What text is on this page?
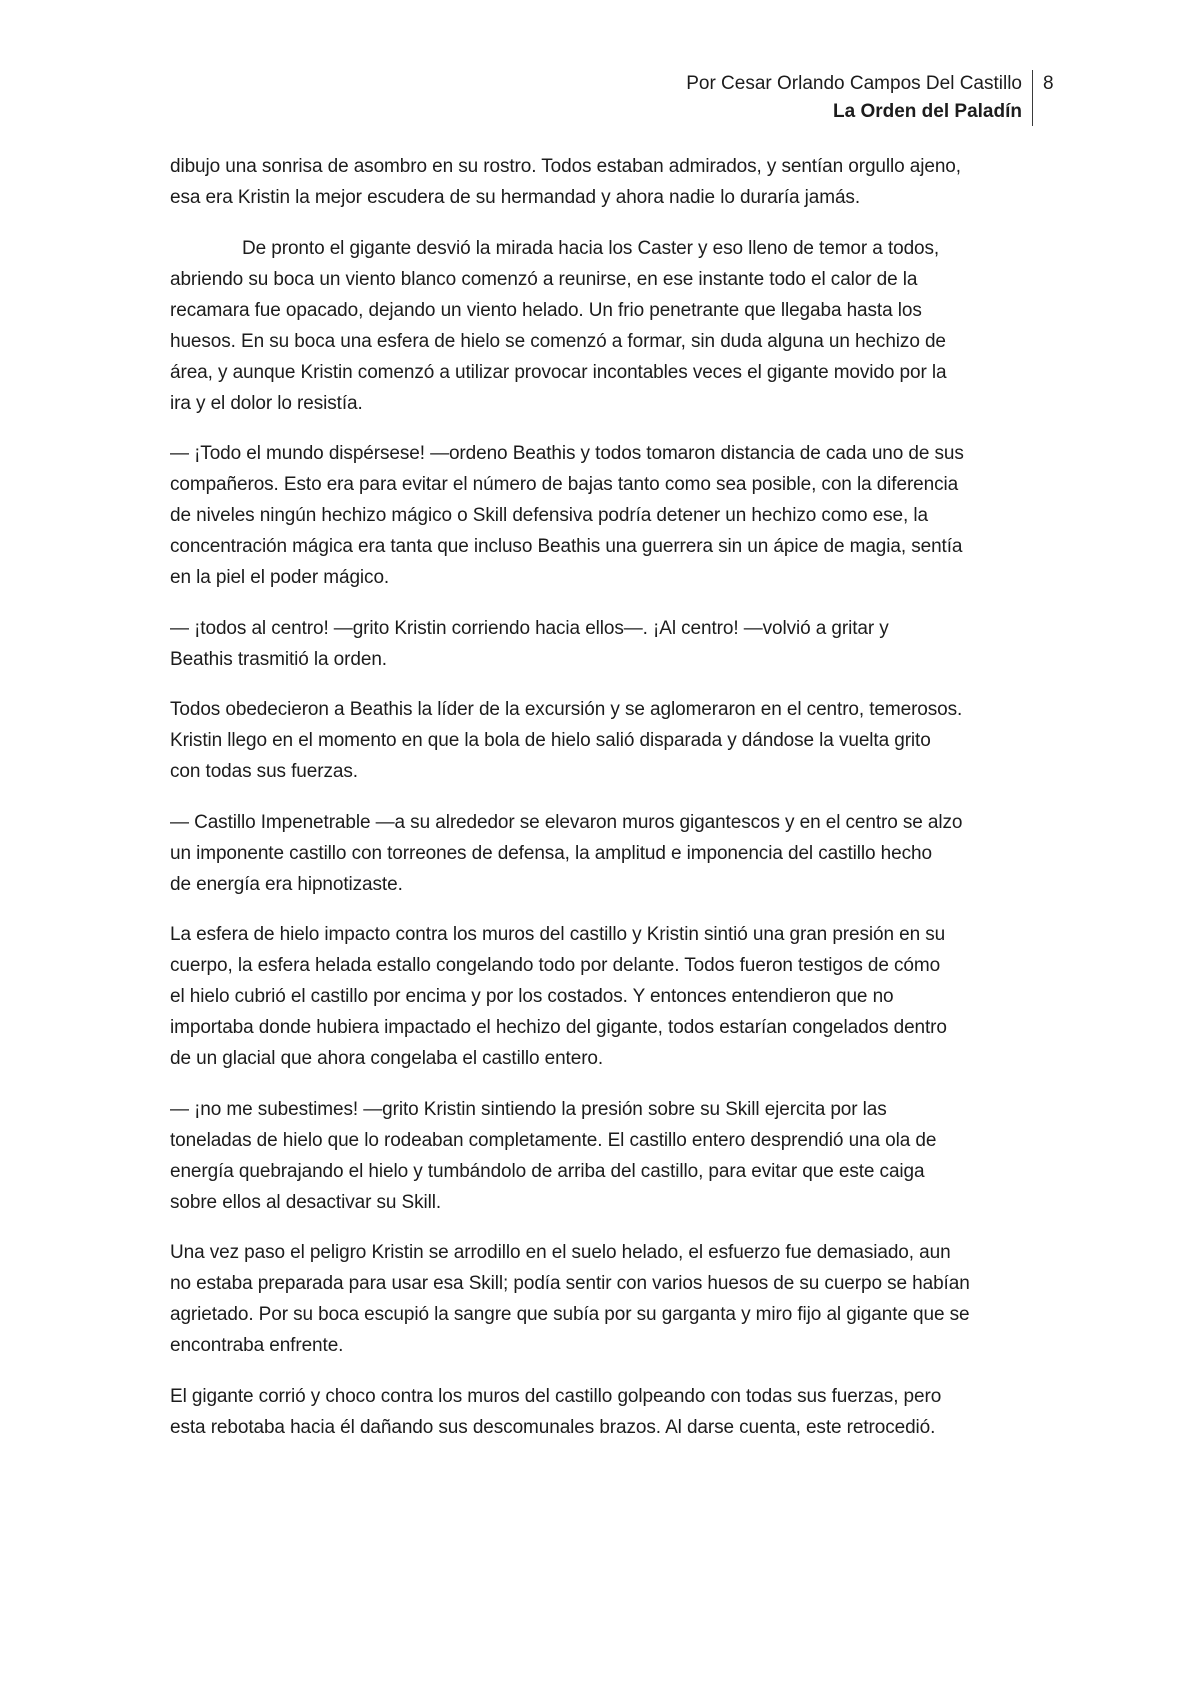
Por Cesar Orlando Campos Del Castillo
La Orden del Paladín
8
dibujo una sonrisa de asombro en su rostro. Todos estaban admirados, y sentían orgullo ajeno,
esa era Kristin la mejor escudera de su hermandad y ahora nadie lo duraría jamás.
De pronto el gigante desvió la mirada hacia los Caster y eso lleno de temor a todos,
abriendo su boca un viento blanco comenzó a reunirse, en ese instante todo el calor de la
recamara fue opacado, dejando un viento helado. Un frio penetrante que llegaba hasta los
huesos. En su boca una esfera de hielo se comenzó a formar, sin duda alguna un hechizo de
área, y aunque Kristin comenzó a utilizar provocar incontables veces el gigante movido por la
ira y el dolor lo resistía.
— ¡Todo el mundo dispérsese! —ordeno Beathis y todos tomaron distancia de cada uno de sus
compañeros. Esto era para evitar el número de bajas tanto como sea posible, con la diferencia
de niveles ningún hechizo mágico o Skill defensiva podría detener un hechizo como ese, la
concentración mágica era tanta que incluso Beathis una guerrera sin un ápice de magia, sentía
en la piel el poder mágico.
— ¡todos al centro! —grito Kristin corriendo hacia ellos—. ¡Al centro! —volvió a gritar y
Beathis trasmitió la orden.
Todos obedecieron a Beathis la líder de la excursión y se aglomeraron en el centro, temerosos.
Kristin llego en el momento en que la bola de hielo salió disparada y dándose la vuelta grito
con todas sus fuerzas.
— Castillo Impenetrable —a su alrededor se elevaron muros gigantescos y en el centro se alzo
un imponente castillo con torreones de defensa, la amplitud e imponencia del castillo hecho
de energía era hipnotizaste.
La esfera de hielo impacto contra los muros del castillo y Kristin sintió una gran presión en su
cuerpo, la esfera helada estallo congelando todo por delante. Todos fueron testigos de cómo
el hielo cubrió el castillo por encima y por los costados. Y entonces entendieron que no
importaba donde hubiera impactado el hechizo del gigante, todos estarían congelados dentro
de un glacial que ahora congelaba el castillo entero.
— ¡no me subestimes! —grito Kristin sintiendo la presión sobre su Skill ejercita por las
toneladas de hielo que lo rodeaban completamente. El castillo entero desprendió una ola de
energía quebrajando el hielo y tumbándolo de arriba del castillo, para evitar que este caiga
sobre ellos al desactivar su Skill.
Una vez paso el peligro Kristin se arrodillo en el suelo helado, el esfuerzo fue demasiado, aun
no estaba preparada para usar esa Skill; podía sentir con varios huesos de su cuerpo se habían
agrietado. Por su boca escupió la sangre que subía por su garganta y miro fijo al gigante que se
encontraba enfrente.
El gigante corrió y choco contra los muros del castillo golpeando con todas sus fuerzas, pero
esta rebotaba hacia él dañando sus descomunales brazos. Al darse cuenta, este retrocedió.
